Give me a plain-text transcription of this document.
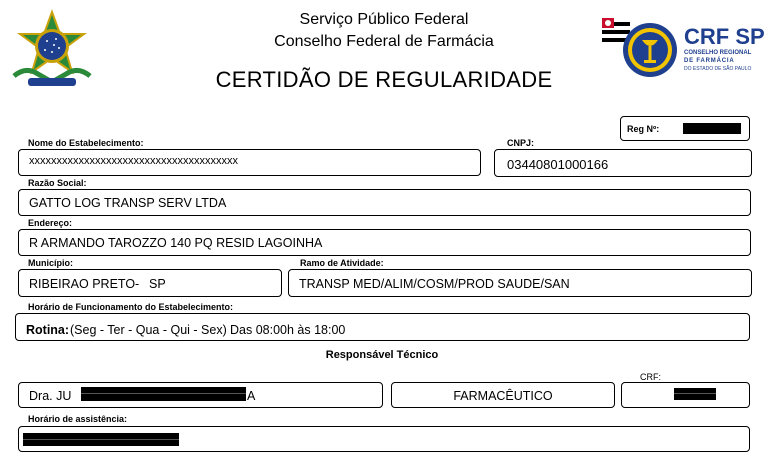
Serviço Público Federal
Conselho Federal de Farmácia
CERTIDÃO DE REGULARIDADE
CRF SP
CONSELHO REGIONAL
DE FARMÁCIA
DO ESTADO DE SÃO PAULO
Reg Nº:
Nome do Estabelecimento:
xxxxxxxxxxxxxxxxxxxxxxxxxxxxxxxxxxxxxx
CNPJ:
03440801000166
Razão Social:
GATTO LOG TRANSP SERV LTDA
Endereço:
R ARMANDO TAROZZO 140 PQ RESID LAGOINHA
Município:
RIBEIRAO PRETO - SP
Ramo de Atividade:
TRANSP MED/ALIM/COSM/PROD SAUDE/SAN
Horário de Funcionamento do Estabelecimento:
Rotina: (Seg - Ter - Qua - Qui - Sex) Das 08:00h às 18:00
Responsável Técnico
Dra. JU	A	FARMACÊUTICO
CRF:
Horário de assistência:
